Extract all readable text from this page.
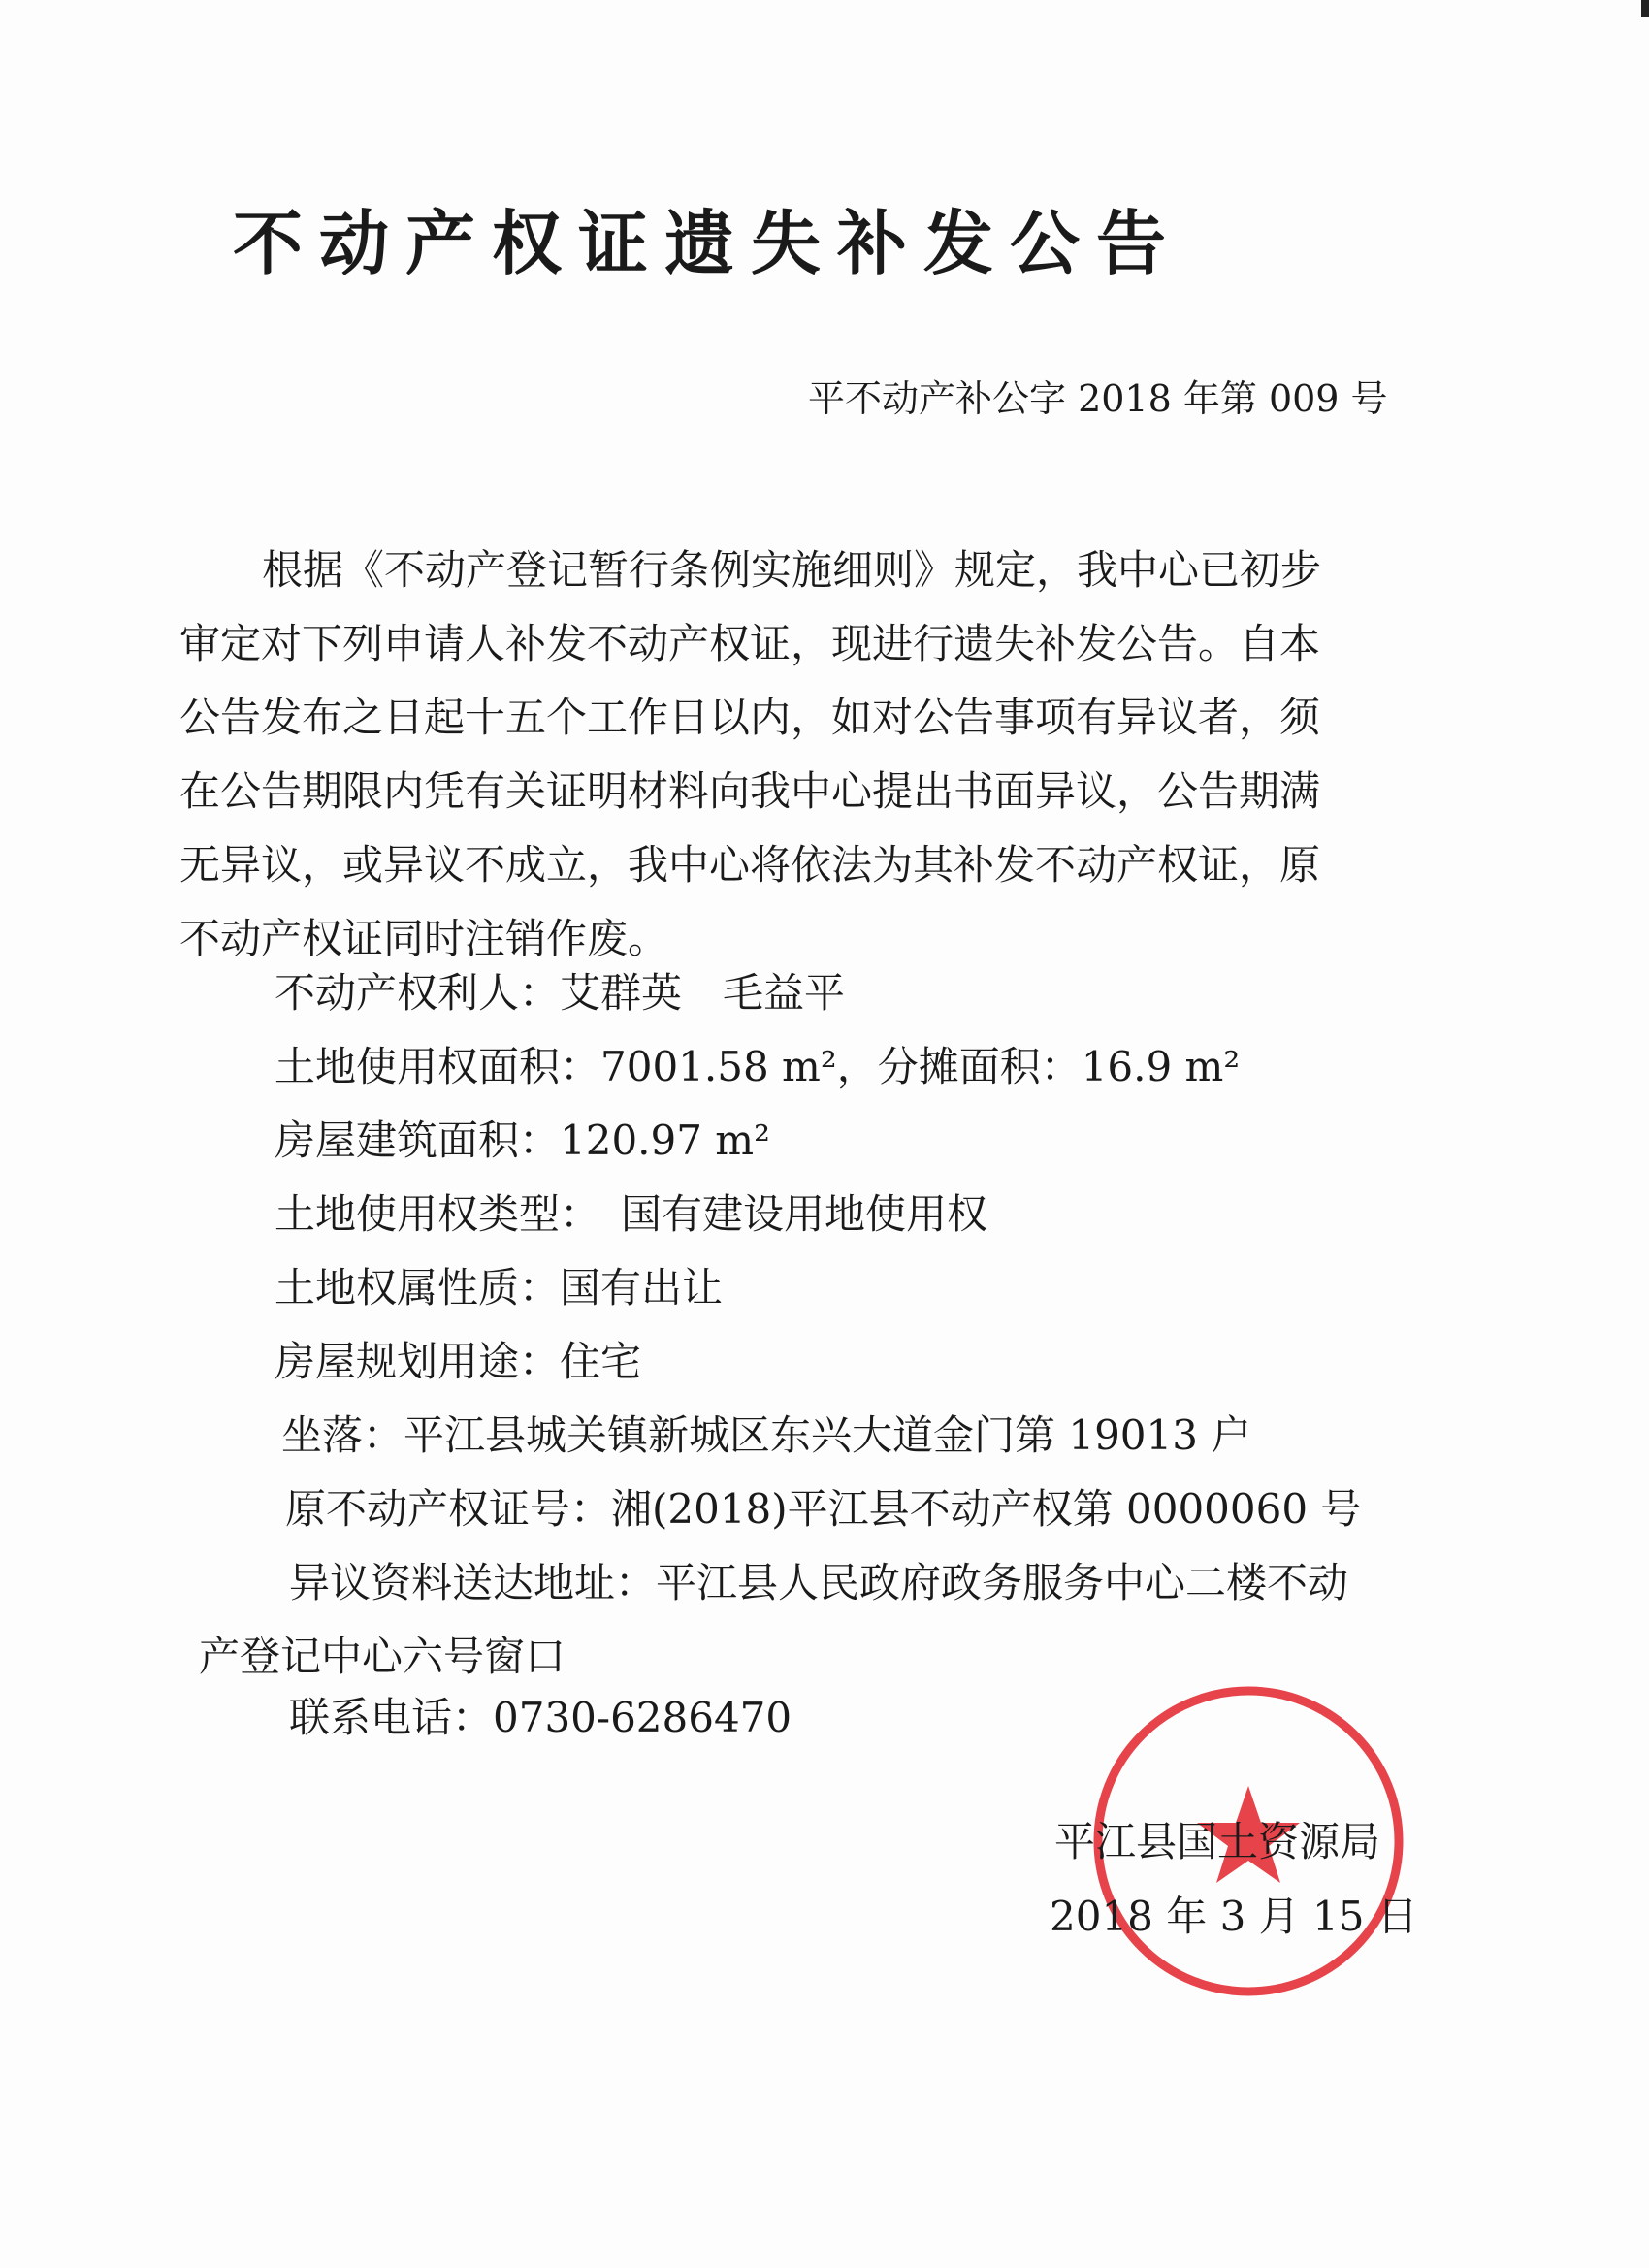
不动产权证遗失补发公告
平不动产补公字 2018 年第 009 号
根据《不动产登记暂行条例实施细则》规定，我中心已初步
审定对下列申请人补发不动产权证，现进行遗失补发公告。自本
公告发布之日起十五个工作日以内，如对公告事项有异议者，须
在公告期限内凭有关证明材料向我中心提出书面异议，公告期满
无异议，或异议不成立，我中心将依法为其补发不动产权证，原
不动产权证同时注销作废。
不动产权利人：艾群英　毛益平
土地使用权面积：7001.58 m²，分摊面积：16.9 m²
房屋建筑面积：120.97 m²
土地使用权类型：　国有建设用地使用权
土地权属性质：国有出让
房屋规划用途：住宅
坐落：平江县城关镇新城区东兴大道金门第 19013 户
原不动产权证号：湘(2018)平江县不动产权第 0000060 号
异议资料送达地址：平江县人民政府政务服务中心二楼不动
产登记中心六号窗口
联系电话：0730-6286470
平江县国土资源局
2018 年 3 月 15 日
